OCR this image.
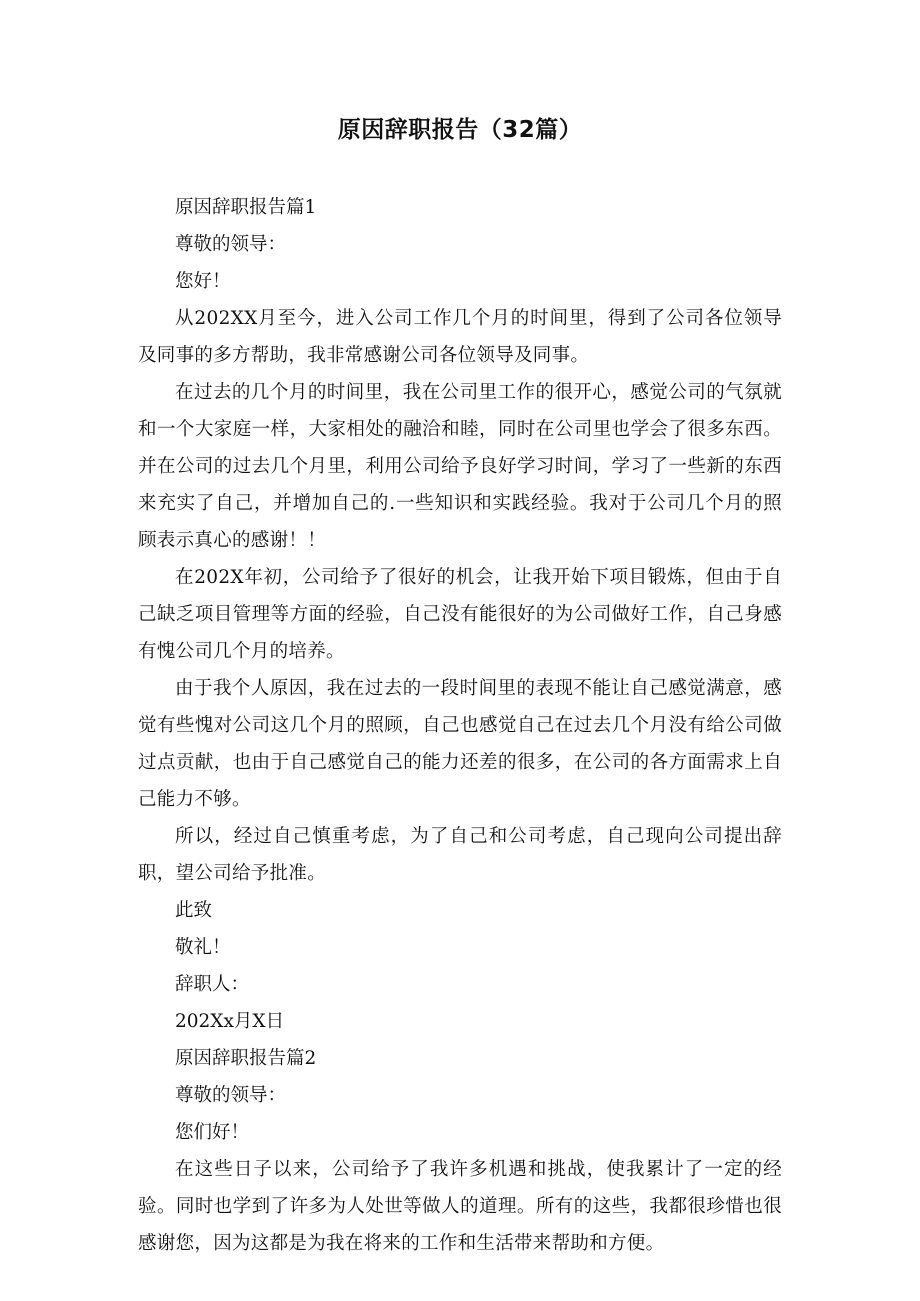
原因辞职报告（32篇）

原因辞职报告篇1

尊敬的领导：

您好！

从202XX月至今，进入公司工作几个月的时间里，得到了公司各位领导及同事的多方帮助，我非常感谢公司各位领导及同事。

在过去的几个月的时间里，我在公司里工作的很开心，感觉公司的气氛就和一个大家庭一样，大家相处的融洽和睦，同时在公司里也学会了很多东西。并在公司的过去几个月里，利用公司给予良好学习时间，学习了一些新的东西来充实了自己，并增加自己的.一些知识和实践经验。我对于公司几个月的照顾表示真心的感谢！！

在202X年初，公司给予了很好的机会，让我开始下项目锻炼，但由于自己缺乏项目管理等方面的经验，自己没有能很好的为公司做好工作，自己身感有愧公司几个月的培养。

由于我个人原因，我在过去的一段时间里的表现不能让自己感觉满意，感觉有些愧对公司这几个月的照顾，自己也感觉自己在过去几个月没有给公司做过点贡献，也由于自己感觉自己的能力还差的很多，在公司的各方面需求上自己能力不够。

所以，经过自己慎重考虑，为了自己和公司考虑，自己现向公司提出辞职，望公司给予批准。

此致

敬礼！

辞职人：

202Xx月X日

原因辞职报告篇2

尊敬的领导：

您们好！

在这些日子以来，公司给予了我许多机遇和挑战，使我累计了一定的经验。同时也学到了许多为人处世等做人的道理。所有的这些，我都很珍惜也很感谢您，因为这都是为我在将来的工作和生活带来帮助和方便。
